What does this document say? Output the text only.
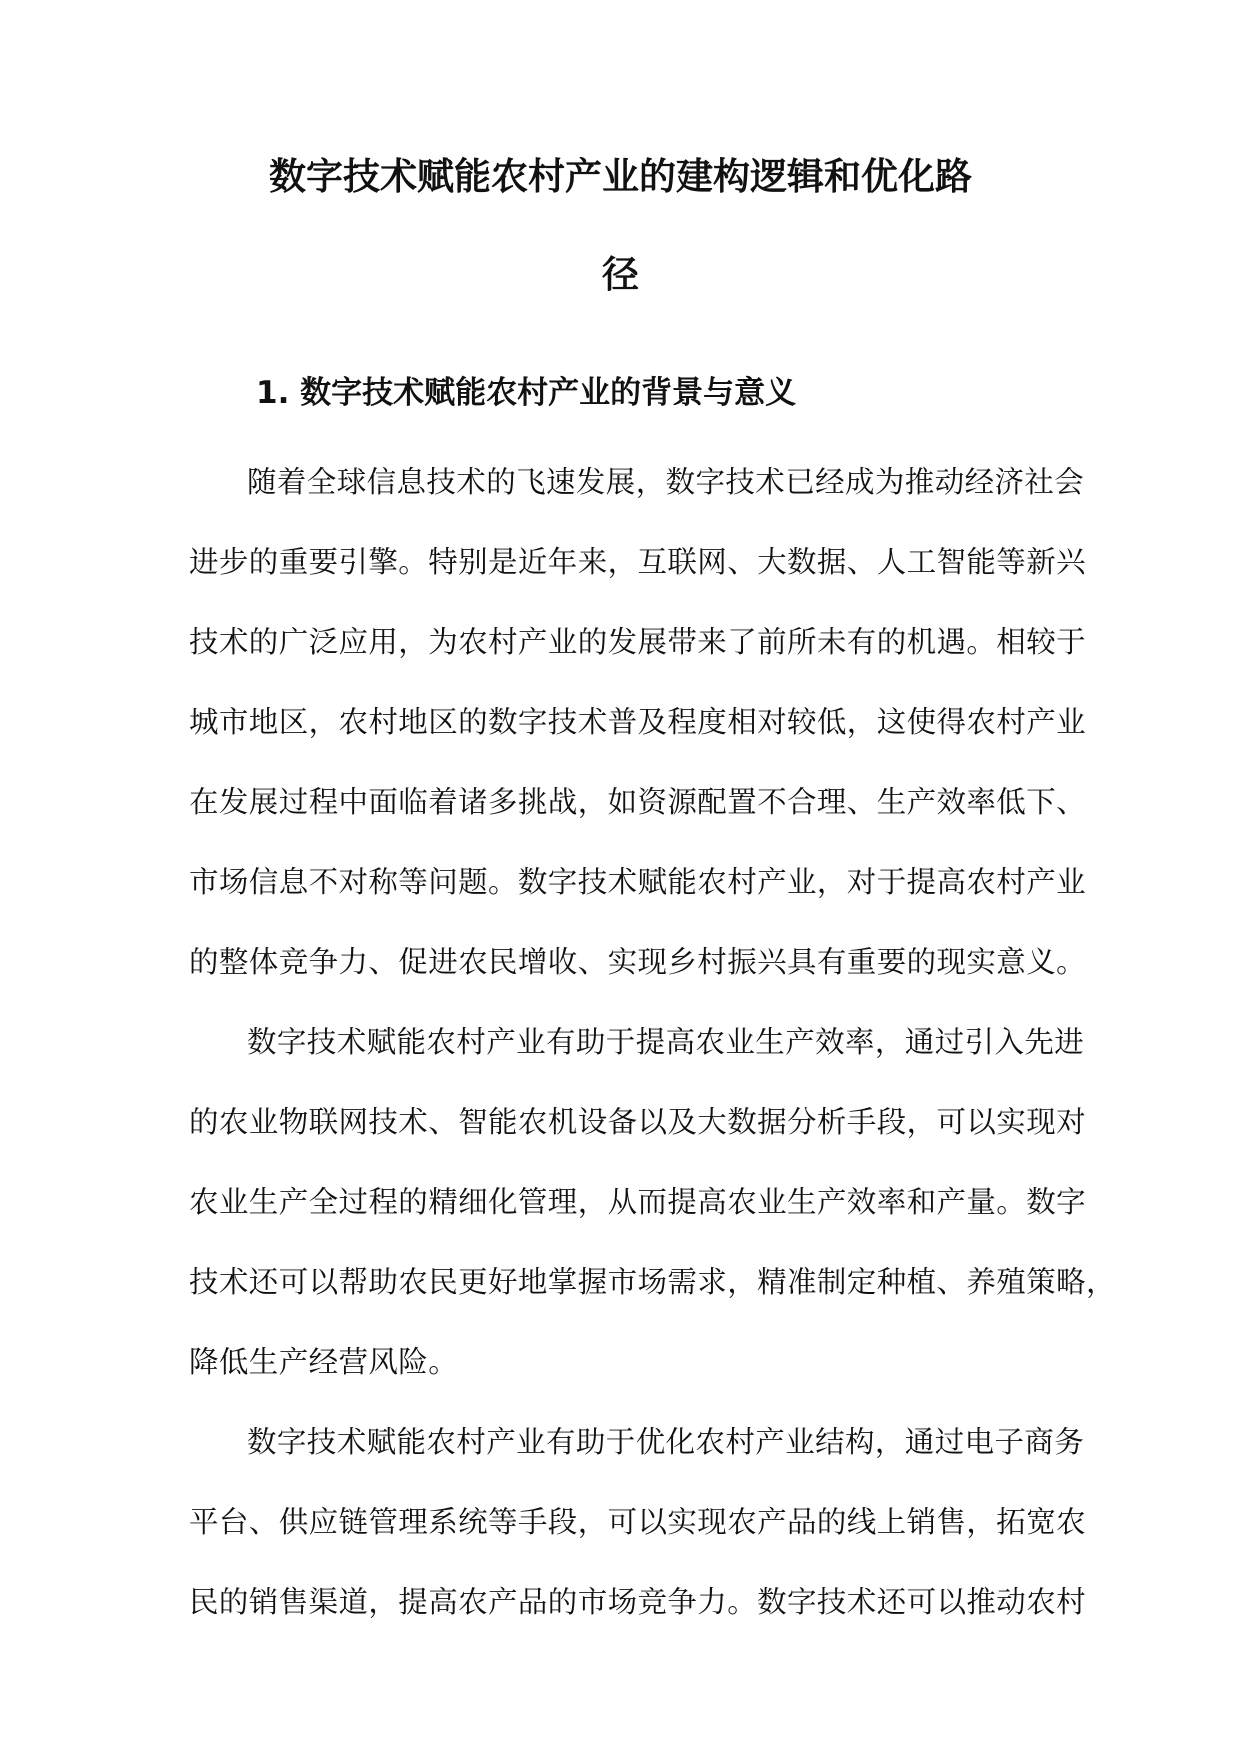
数字技术赋能农村产业的建构逻辑和优化路
径
1. 数字技术赋能农村产业的背景与意义
随着全球信息技术的飞速发展，数字技术已经成为推动经济社会
进步的重要引擎。特别是近年来，互联网、大数据、人工智能等新兴
技术的广泛应用，为农村产业的发展带来了前所未有的机遇。相较于
城市地区，农村地区的数字技术普及程度相对较低，这使得农村产业
在发展过程中面临着诸多挑战，如资源配置不合理、生产效率低下、
市场信息不对称等问题。数字技术赋能农村产业，对于提高农村产业
的整体竞争力、促进农民增收、实现乡村振兴具有重要的现实意义。
数字技术赋能农村产业有助于提高农业生产效率，通过引入先进
的农业物联网技术、智能农机设备以及大数据分析手段，可以实现对
农业生产全过程的精细化管理，从而提高农业生产效率和产量。数字
技术还可以帮助农民更好地掌握市场需求，精准制定种植、养殖策略，
降低生产经营风险。
数字技术赋能农村产业有助于优化农村产业结构，通过电子商务
平台、供应链管理系统等手段，可以实现农产品的线上销售，拓宽农
民的销售渠道，提高农产品的市场竞争力。数字技术还可以推动农村
